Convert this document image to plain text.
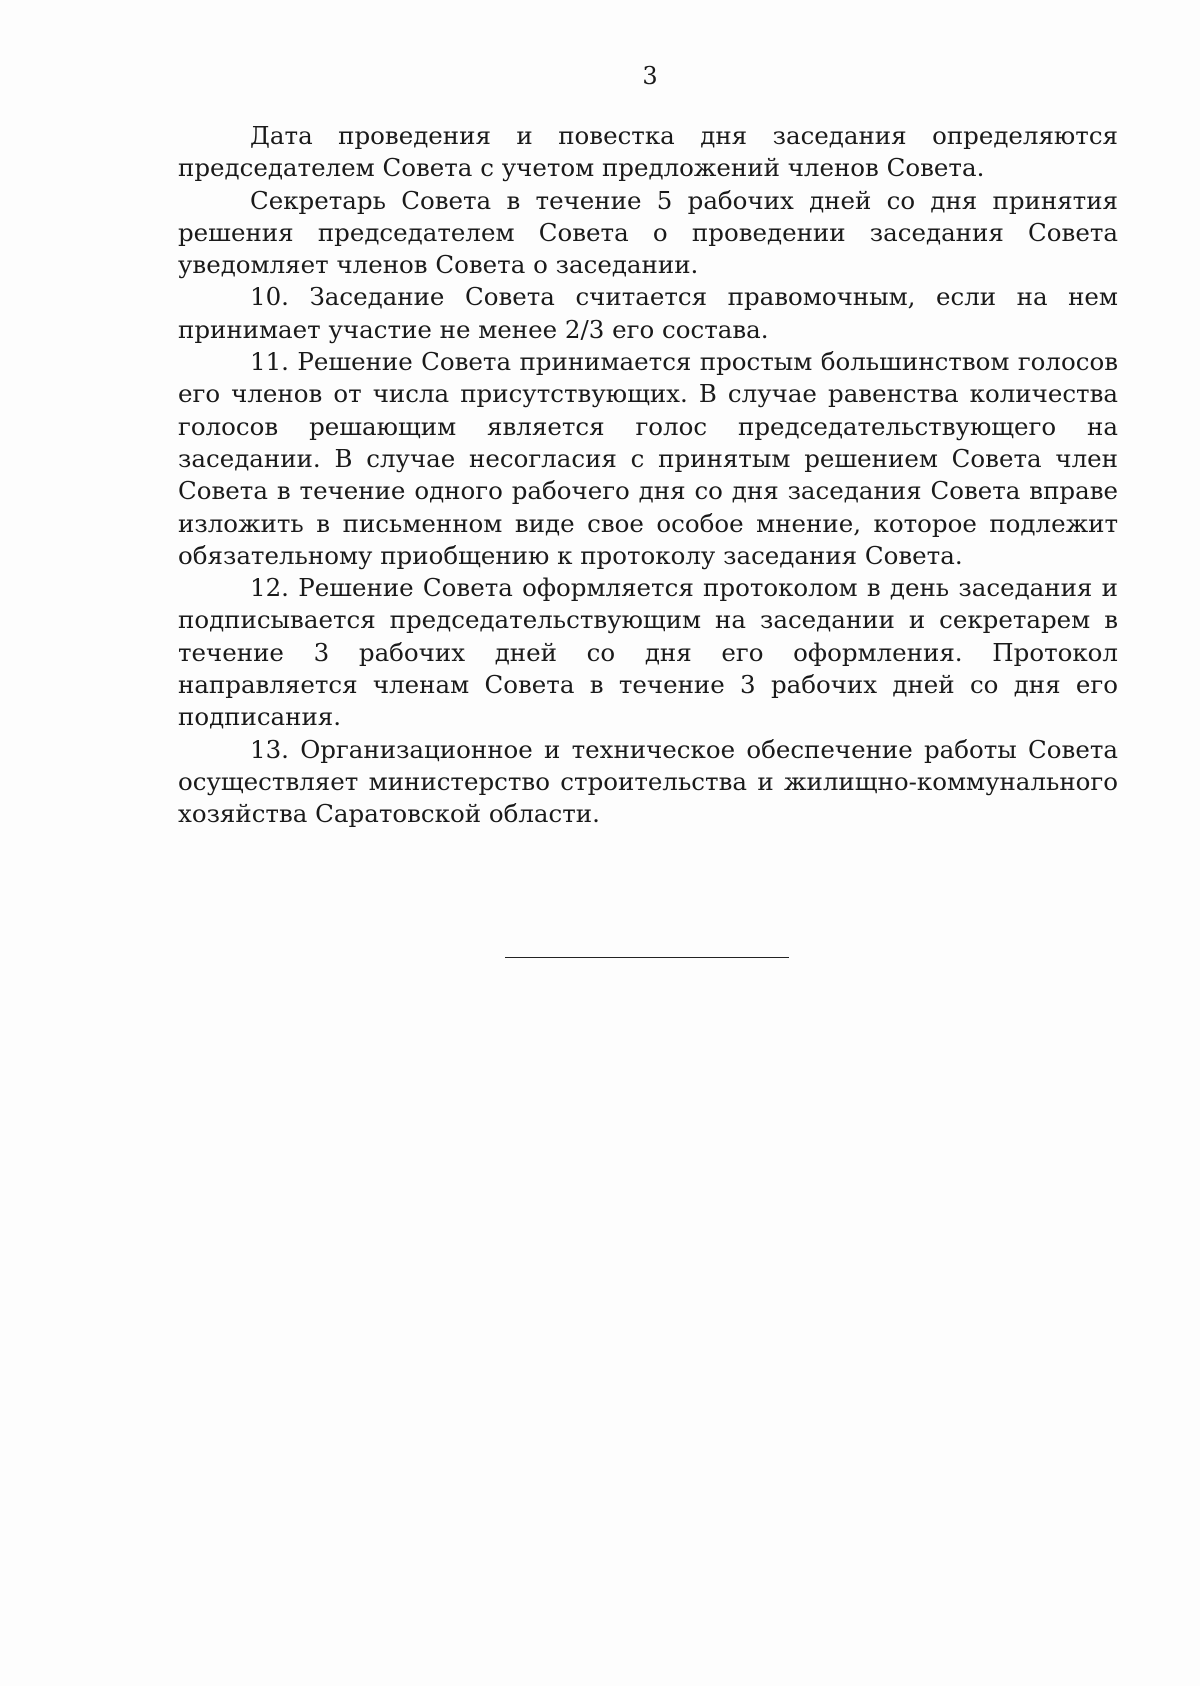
3

Дата проведения и повестка дня заседания определяются председателем Совета с учетом предложений членов Совета.

Секретарь Совета в течение 5 рабочих дней со дня принятия решения председателем Совета о проведении заседания Совета уведомляет членов Совета о заседании.

10. Заседание Совета считается правомочным, если на нем принимает участие не менее 2/3 его состава.

11. Решение Совета принимается простым большинством голосов его членов от числа присутствующих. В случае равенства количества голосов решающим является голос председательствующего на заседании. В случае несогласия с принятым решением Совета член Совета в течение одного рабочего дня со дня заседания Совета вправе изложить в письменном виде свое особое мнение, которое подлежит обязательному приобщению к протоколу заседания Совета.

12. Решение Совета оформляется протоколом в день заседания и подписывается председательствующим на заседании и секретарем в течение 3 рабочих дней со дня его оформления. Протокол направляется членам Совета в течение 3 рабочих дней со дня его подписания.

13. Организационное и техническое обеспечение работы Совета осуществляет министерство строительства и жилищно-коммунального хозяйства Саратовской области.
